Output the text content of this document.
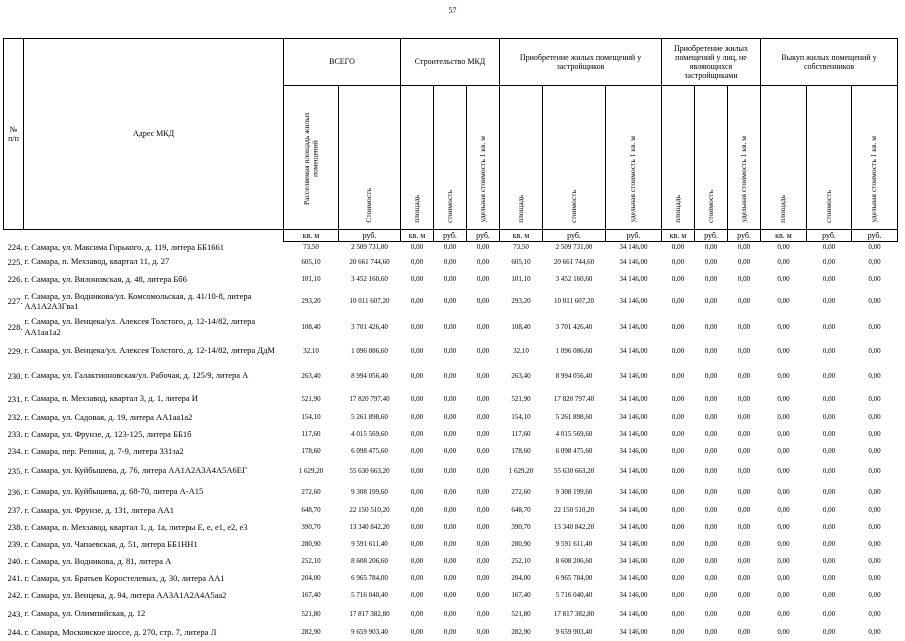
57
№
п/п	Адрес МКД	ВСЕГО		Строительство МКД			Приобретение жилых помещений у застройщиков			Приобретение жилых помещений у лиц, не являющихся застройщиками			Выкуп жилых помещений у собственников		
		Расселяемая площадь жилых помещений	Стоимость	площадь	стоимость	удельная стоимость 1 кв. м	площадь	стоимость	удельная стоимость 1 кв. м	площадь	стоимость	удельная стоимость 1 кв. м	площадь	стоимость	удельная стоимость 1 кв. м
		кв. м	руб.	кв. м	руб.	руб.	кв. м	руб.	руб.	кв. м	руб.	руб.	кв. м	руб.	руб.
224.	г. Самара, ул. Максима Горького, д. 119, литера ББ1661	73,50	2 509 731,00	0,00	0,00	0,00	73,50	2 509 731,00	34 146,00	0,00	0,00	0,00	0,00	0,00	0,00
225.	г. Самара, п. Мехзавод, квартал 11, д. 27	605,10	20 661 744,60	0,00	0,00	0,00	605,10	20 661 744,60	34 146,00	0,00	0,00	0,00	0,00	0,00	0,00
226.	г. Самара, ул. Вилоновская, д. 48, литера Бб6	101,10	3 452 160,60	0,00	0,00	0,00	101,10	3 452 160,60	34 146,00	0,00	0,00	0,00	0,00	0,00	0,00
227.	г. Самара, ул. Водникова/ул. Комсомольская, д. 41/10-8, литера АА1А2А3Гва1	293,20	10 011 607,20	0,00	0,00	0,00	293,20	10 011 607,20	34 146,00	0,00	0,00	0,00	0,00	0,00	0,00
228.	г. Самара, ул. Венцека/ул. Алексея Толстого, д. 12-14/82, литера АА1аа1а2	108,40	3 701 426,40	0,00	0,00	0,00	108,40	3 701 426,40	34 146,00	0,00	0,00	0,00	0,00	0,00	0,00
229.	г. Самара, ул. Венцека/ул. Алексея Толстого, д. 12-14/82, литера ДдМ	32,10	1 096 086,60	0,00	0,00	0,00	32,10	1 096 086,60	34 146,00	0,00	0,00	0,00	0,00	0,00	0,00
230.	г. Самара, ул. Галактионовская/ул. Рабочая, д. 125/9, литера А	263,40	8 994 056,40	0,00	0,00	0,00	263,40	8 994 056,40	34 146,00	0,00	0,00	0,00	0,00	0,00	0,00
231.	г. Самара, п. Мехзавод, квартал 3, д. 1, литера И	521,90	17 820 797,40	0,00	0,00	0,00	521,90	17 820 797,40	34 146,00	0,00	0,00	0,00	0,00	0,00	0,00
232.	г. Самара, ул. Садовая, д. 19, литера АА1аа1а2	154,10	5 261 898,60	0,00	0,00	0,00	154,10	5 261 898,60	34 146,00	0,00	0,00	0,00	0,00	0,00	0,00
233.	г. Самара, ул. Фрунзе, д. 123-125, литера ББ1б	117,60	4 015 569,60	0,00	0,00	0,00	117,60	4 015 569,60	34 146,00	0,00	0,00	0,00	0,00	0,00	0,00
234.	г. Самара, пер. Репина, д. 7-9, литера 331за2	178,60	6 098 475,60	0,00	0,00	0,00	178,60	6 098 475,60	34 146,00	0,00	0,00	0,00	0,00	0,00	0,00
235.	г. Самара, ул. Куйбышева, д. 76, литера АА1А2А3А4А5А6ЕГ	1 629,20	55 630 663,20	0,00	0,00	0,00	1 629,20	55 630 663,20	34 146,00	0,00	0,00	0,00	0,00	0,00	0,00
236.	г. Самара, ул. Куйбышева, д. 68-70, литера А-А15	272,60	9 308 199,60	0,00	0,00	0,00	272,60	9 308 199,60	34 146,00	0,00	0,00	0,00	0,00	0,00	0,00
237.	г. Самара, ул. Фрунзе, д. 131, литера АА1	648,70	22 150 510,20	0,00	0,00	0,00	648,70	22 150 510,20	34 146,00	0,00	0,00	0,00	0,00	0,00	0,00
238.	г. Самара, п. Мехзавод, квартал 1, д. 1а, литеры Е, е, е1, е2, е3	390,70	13 340 842,20	0,00	0,00	0,00	390,70	13 340 842,20	34 146,00	0,00	0,00	0,00	0,00	0,00	0,00
239.	г. Самара, ул. Чапаевская, д. 51, литера ББ1НН1	280,90	9 591 611,40	0,00	0,00	0,00	280,90	9 591 611,40	34 146,00	0,00	0,00	0,00	0,00	0,00	0,00
240.	г. Самара, ул. Водникова, д. 81, литера А	252,10	8 608 206,60	0,00	0,00	0,00	252,10	8 608 206,60	34 146,00	0,00	0,00	0,00	0,00	0,00	0,00
241.	г. Самара, ул. Братьев Коростелевых, д. 30, литера АА1	204,00	6 965 784,00	0,00	0,00	0,00	204,00	6 965 784,00	34 146,00	0,00	0,00	0,00	0,00	0,00	0,00
242.	г. Самара, ул. Венцека, д. 94, литера АА3А1А2А4А5аа2	167,40	5 716 040,40	0,00	0,00	0,00	167,40	5 716 040,40	34 146,00	0,00	0,00	0,00	0,00	0,00	0,00
243.	г. Самара, ул. Олимпийская, д. 12	521,80	17 817 382,80	0,00	0,00	0,00	521,80	17 817 382,80	34 146,00	0,00	0,00	0,00	0,00	0,00	0,00
244.	г. Самара, Московское шоссе, д. 270, стр. 7, литера Л	282,90	9 659 903,40	0,00	0,00	0,00	282,90	9 659 903,40	34 146,00	0,00	0,00	0,00	0,00	0,00	0,00
